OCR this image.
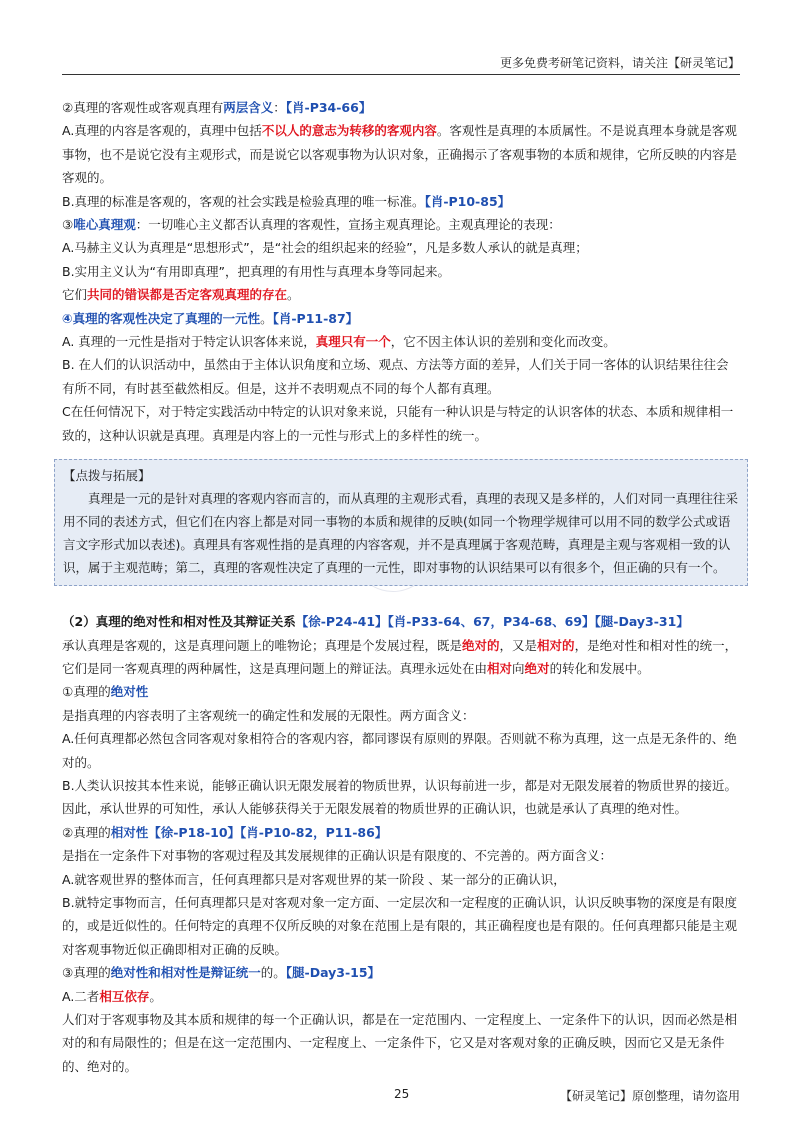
更多免费考研笔记资料，请关注【研灵笔记】

②真理的客观性或客观真理有两层含义：【肖-P34-66】

A.真理的内容是客观的，真理中包括不以人的意志为转移的客观内容。客观性是真理的本质属性。不是说真理本身就是客观事物，也不是说它没有主观形式，而是说它以客观事物为认识对象，正确揭示了客观事物的本质和规律，它所反映的内容是客观的。

B.真理的标准是客观的，客观的社会实践是检验真理的唯一标准。【肖-P10-85】

③唯心真理观：一切唯心主义都否认真理的客观性，宣扬主观真理论。主观真理论的表现：

A.马赫主义认为真理是“思想形式”，是“社会的组织起来的经验”，凡是多数人承认的就是真理；

B.实用主义认为“有用即真理”，把真理的有用性与真理本身等同起来。

它们共同的错误都是否定客观真理的存在。

④真理的客观性决定了真理的一元性。【肖-P11-87】

A. 真理的一元性是指对于特定认识客体来说，真理只有一个，它不因主体认识的差别和变化而改变。

B. 在人们的认识活动中，虽然由于主体认识角度和立场、观点、方法等方面的差异，人们关于同一客体的认识结果往往会有所不同，有时甚至截然相反。但是，这并不表明观点不同的每个人都有真理。

C在任何情况下，对于特定实践活动中特定的认识对象来说，只能有一种认识是与特定的认识客体的状态、本质和规律相一致的，这种认识就是真理。真理是内容上的一元性与形式上的多样性的统一。

【点拨与拓展】

真理是一元的是针对真理的客观内容而言的，而从真理的主观形式看，真理的表现又是多样的，人们对同一真理往往采用不同的表述方式，但它们在内容上都是对同一事物的本质和规律的反映(如同一个物理学规律可以用不同的数学公式或语言文字形式加以表述)。真理具有客观性指的是真理的内容客观，并不是真理属于客观范畴，真理是主观与客观相一致的认识，属于主观范畴；第二，真理的客观性决定了真理的一元性，即对事物的认识结果可以有很多个，但正确的只有一个。

（2）真理的绝对性和相对性及其辩证关系【徐-P24-41】【肖-P33-64、67，P34-68、69】【腿-Day3-31】

承认真理是客观的，这是真理问题上的唯物论；真理是个发展过程，既是绝对的，又是相对的，是绝对性和相对性的统一，它们是同一客观真理的两种属性，这是真理问题上的辩证法。真理永远处在由相对向绝对的转化和发展中。

①真理的绝对性

是指真理的内容表明了主客观统一的确定性和发展的无限性。两方面含义：

A.任何真理都必然包含同客观对象相符合的客观内容，都同谬误有原则的界限。否则就不称为真理，这一点是无条件的、绝对的。

B.人类认识按其本性来说，能够正确认识无限发展着的物质世界，认识每前进一步，都是对无限发展着的物质世界的接近。因此，承认世界的可知性，承认人能够获得关于无限发展着的物质世界的正确认识，也就是承认了真理的绝对性。

②真理的相对性【徐-P18-10】【肖-P10-82，P11-86】

是指在一定条件下对事物的客观过程及其发展规律的正确认识是有限度的、不完善的。两方面含义：

A.就客观世界的整体而言，任何真理都只是对客观世界的某一阶段 、某一部分的正确认识，

B.就特定事物而言，任何真理都只是对客观对象一定方面、一定层次和一定程度的正确认识，认识反映事物的深度是有限度的，或是近似性的。任何特定的真理不仅所反映的对象在范围上是有限的，其正确程度也是有限的。任何真理都只能是主观对客观事物近似正确即相对正确的反映。

③真理的绝对性和相对性是辩证统一的。【腿-Day3-15】

A.二者相互依存。

人们对于客观事物及其本质和规律的每一个正确认识，都是在一定范围内、一定程度上、一定条件下的认识，因而必然是相对的和有局限性的；但是在这一定范围内、一定程度上、一定条件下，它又是对客观对象的正确反映，因而它又是无条件的、绝对的。

25	【研灵笔记】原创整理，请勿盗用
